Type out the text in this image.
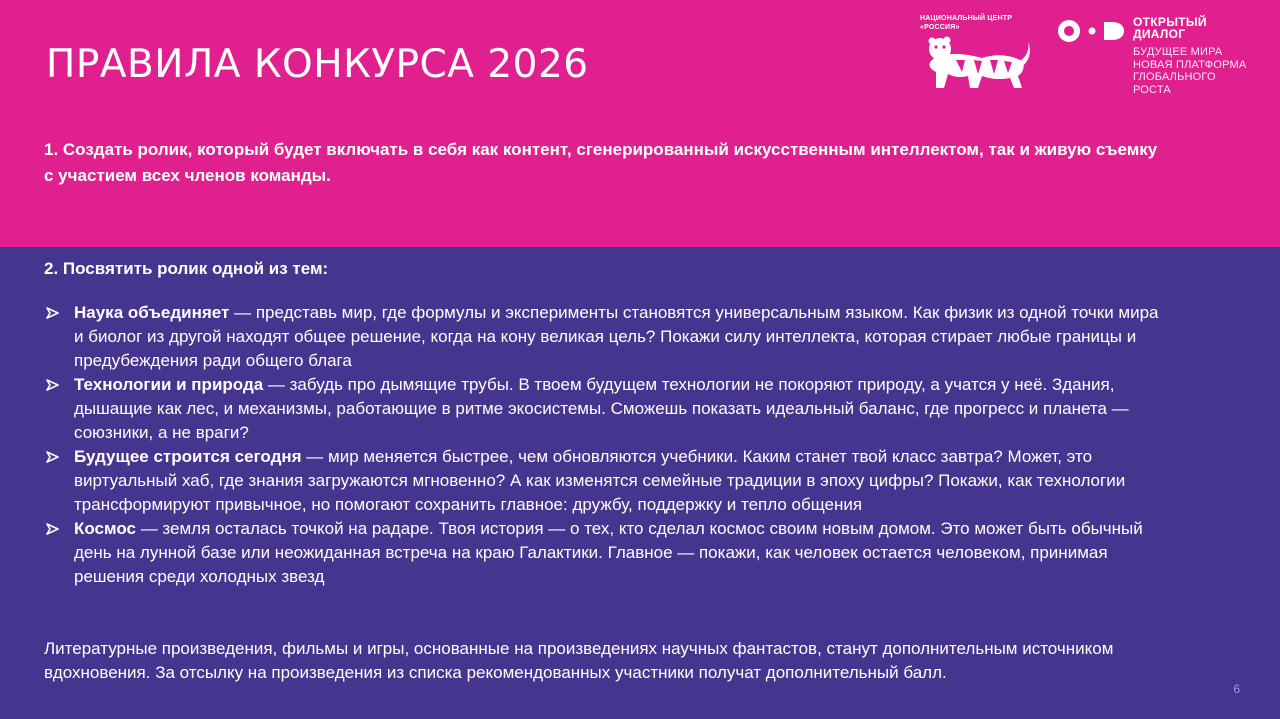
ПРАВИЛА КОНКУРСА 2026
НАЦИОНАЛЬНЫЙ ЦЕНТР
«РОССИЯ»	ОТКРЫТЫЙ
ДИАЛОГ
БУДУЩЕЕ МИРА
НОВАЯ ПЛАТФОРМА
ГЛОБАЛЬНОГО
РОСТА

1. Создать ролик, который будет включать в себя как контент, сгенерированный искусственным интеллектом, так и живую съемку с участием всех членов команды.

2. Посвятить ролик одной из тем:

Наука объединяет — представь мир, где формулы и эксперименты становятся универсальным языком. Как физик из одной точки мира и биолог из другой находят общее решение, когда на кону великая цель? Покажи силу интеллекта, которая стирает любые границы и предубеждения ради общего блага
Технологии и природа — забудь про дымящие трубы. В твоем будущем технологии не покоряют природу, а учатся у неё. Здания, дышащие как лес, и механизмы, работающие в ритме экосистемы. Сможешь показать идеальный баланс, где прогресс и планета — союзники, а не враги?
Будущее строится сегодня — мир меняется быстрее, чем обновляются учебники. Каким станет твой класс завтра? Может, это виртуальный хаб, где знания загружаются мгновенно? А как изменятся семейные традиции в эпоху цифры? Покажи, как технологии трансформируют привычное, но помогают сохранить главное: дружбу, поддержку и тепло общения
Космос — земля осталась точкой на радаре. Твоя история — о тех, кто сделал космос своим новым домом. Это может быть обычный день на лунной базе или неожиданная встреча на краю Галактики. Главное — покажи, как человек остается человеком, принимая решения среди холодных звезд

Литературные произведения, фильмы и игры, основанные на произведениях научных фантастов, станут дополнительным источником вдохновения. За отсылку на произведения из списка рекомендованных участники получат дополнительный балл.

6
